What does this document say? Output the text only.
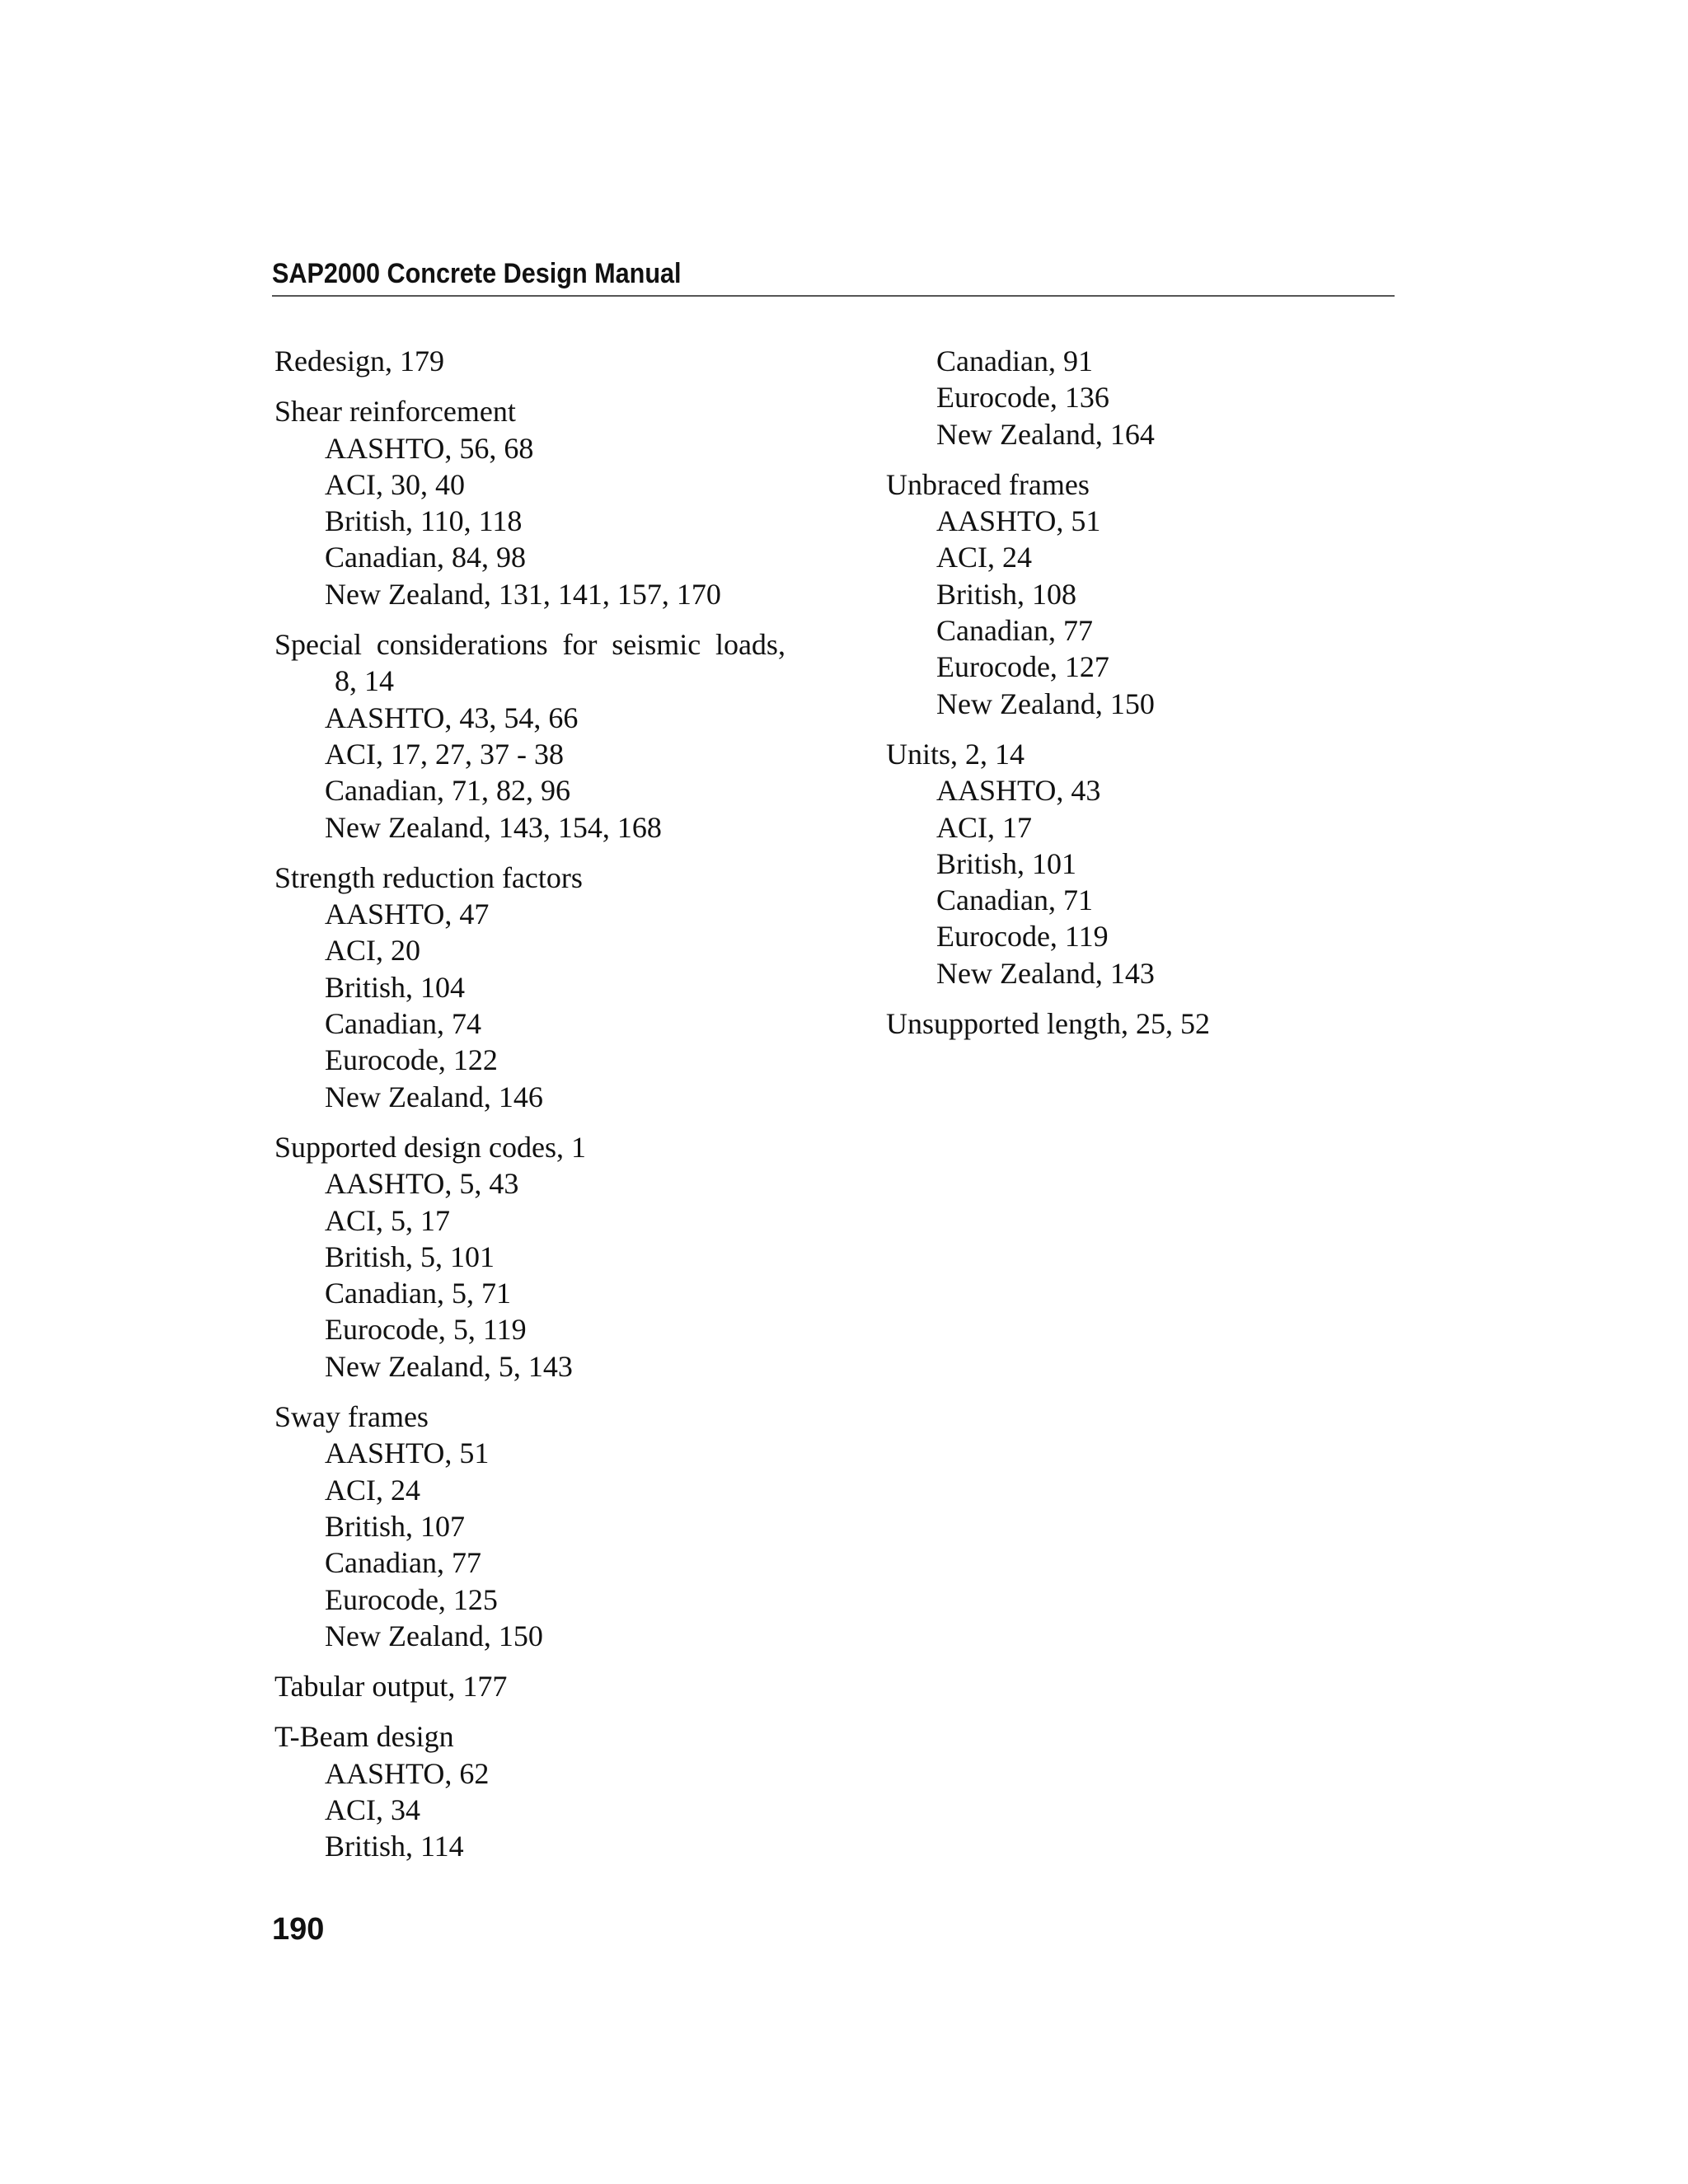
SAP2000 Concrete Design Manual
Redesign, 179
Shear reinforcement
AASHTO, 56, 68
ACI, 30, 40
British, 110, 118
Canadian, 84, 98
New Zealand, 131, 141, 157, 170
Special considerations for seismic loads,
8, 14
AASHTO, 43, 54, 66
ACI, 17, 27, 37 - 38
Canadian, 71, 82, 96
New Zealand, 143, 154, 168
Strength reduction factors
AASHTO, 47
ACI, 20
British, 104
Canadian, 74
Eurocode, 122
New Zealand, 146
Supported design codes, 1
AASHTO, 5, 43
ACI, 5, 17
British, 5, 101
Canadian, 5, 71
Eurocode, 5, 119
New Zealand, 5, 143
Sway frames
AASHTO, 51
ACI, 24
British, 107
Canadian, 77
Eurocode, 125
New Zealand, 150
Tabular output, 177
T-Beam design
AASHTO, 62
ACI, 34
British, 114
Canadian, 91
Eurocode, 136
New Zealand, 164
Unbraced frames
AASHTO, 51
ACI, 24
British, 108
Canadian, 77
Eurocode, 127
New Zealand, 150
Units, 2, 14
AASHTO, 43
ACI, 17
British, 101
Canadian, 71
Eurocode, 119
New Zealand, 143
Unsupported length, 25, 52
190
